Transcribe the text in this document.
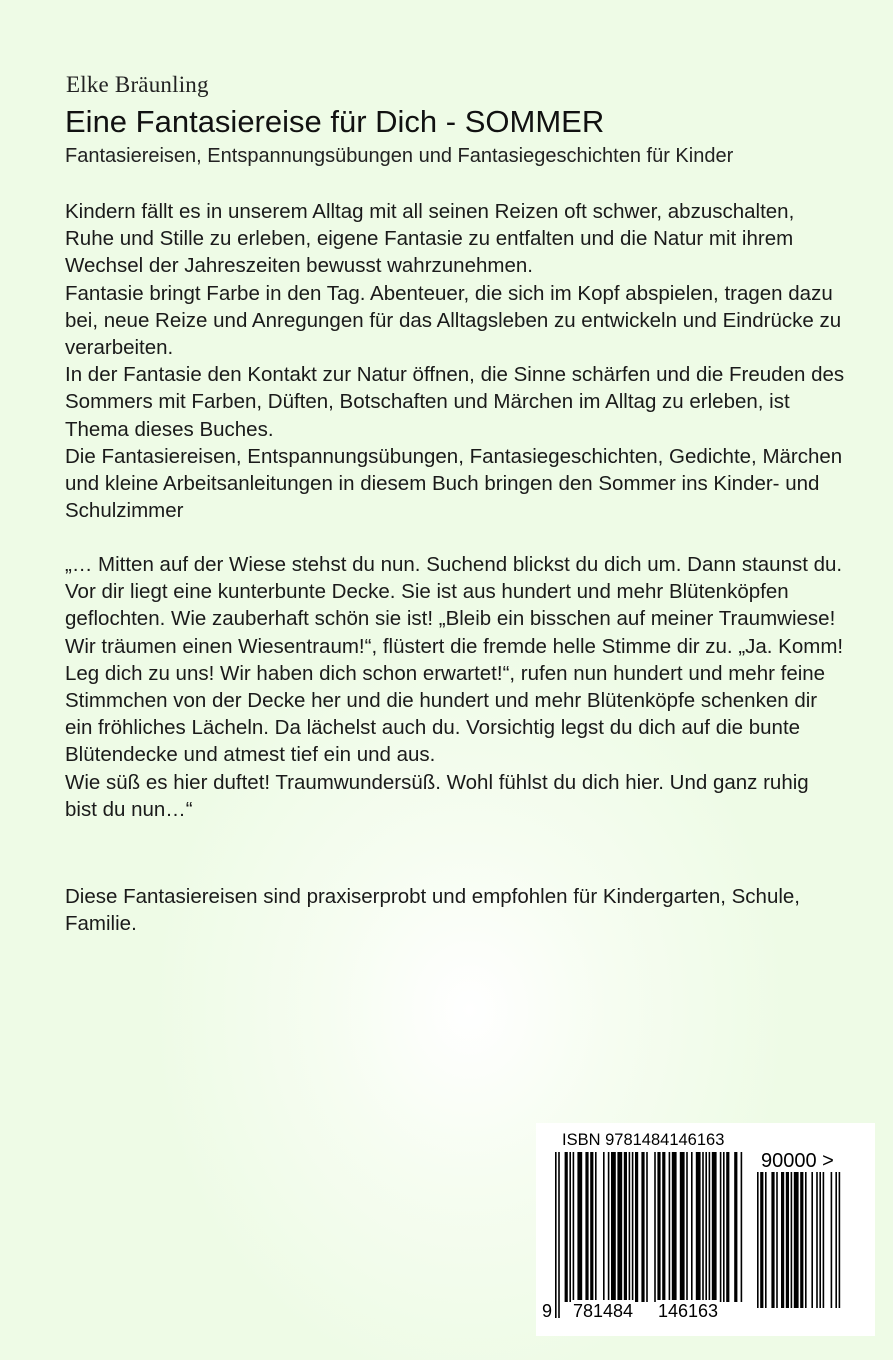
Elke Bräunling
Eine Fantasiereise für Dich - SOMMER
Fantasiereisen, Entspannungsübungen und Fantasiegeschichten für Kinder

Kindern fällt es in unserem Alltag mit all seinen Reizen oft schwer, abzuschalten, Ruhe und Stille zu erleben, eigene Fantasie zu entfalten und die Natur mit ihrem Wechsel der Jahreszeiten bewusst wahrzunehmen.

Fantasie bringt Farbe in den Tag. Abenteuer, die sich im Kopf abspielen, tragen dazu bei, neue Reize und Anregungen für das Alltagsleben zu entwickeln und Eindrücke zu verarbeiten.

In der Fantasie den Kontakt zur Natur öffnen, die Sinne schärfen und die Freuden des Sommers mit Farben, Düften, Botschaften und Märchen im Alltag zu erleben, ist Thema dieses Buches.

Die Fantasiereisen, Entspannungsübungen, Fantasiegeschichten, Gedichte, Märchen und kleine Arbeitsanleitungen in diesem Buch bringen den Sommer ins Kinder- und Schulzimmer

„… Mitten auf der Wiese stehst du nun. Suchend blickst du dich um. Dann staunst du. Vor dir liegt eine kunterbunte Decke. Sie ist aus hundert und mehr Blütenköpfen geflochten. Wie zauberhaft schön sie ist! „Bleib ein bisschen auf meiner Traumwiese! Wir träumen einen Wiesentraum!“, flüstert die fremde helle Stimme dir zu. „Ja. Komm! Leg dich zu uns! Wir haben dich schon erwartet!“, rufen nun hundert und mehr feine Stimmchen von der Decke her und die hundert und mehr Blütenköpfe schenken dir ein fröhliches Lächeln. Da lächelst auch du. Vorsichtig legst du dich auf die bunte Blütendecke und atmest tief ein und aus.

Wie süß es hier duftet! Traumwundersüß. Wohl fühlst du dich hier. Und ganz ruhig bist du nun…“

Diese Fantasiereisen sind praxiserprobt und empfohlen für Kindergarten, Schule, Familie.

ISBN 9781484146163
90000 >
9 781484 146163
